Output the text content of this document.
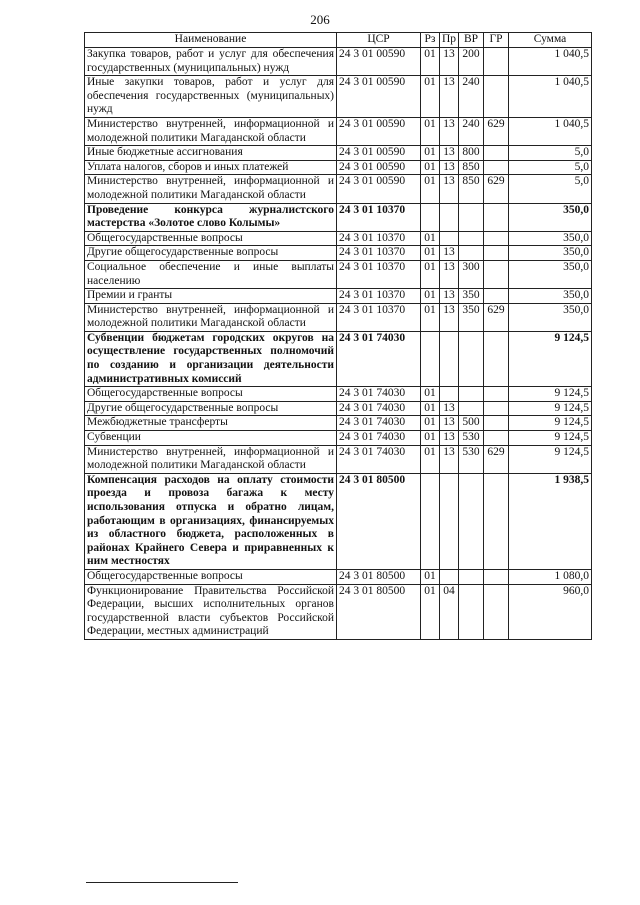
206
Наименование	ЦСР	Рз	Пр	ВР	ГР	Сумма
Закупка товаров, работ и услуг для обеспечения государственных (муниципальных) нужд	24 3 01 00590	01	13	200		1 040,5
Иные закупки товаров, работ и услуг для обеспечения государственных (муниципальных) нужд	24 3 01 00590	01	13	240		1 040,5
Министерство внутренней, информационной и молодежной политики Магаданской области	24 3 01 00590	01	13	240	629	1 040,5
Иные бюджетные ассигнования	24 3 01 00590	01	13	800		5,0
Уплата налогов, сборов и иных платежей	24 3 01 00590	01	13	850		5,0
Министерство внутренней, информационной и молодежной политики Магаданской области	24 3 01 00590	01	13	850	629	5,0
Проведение конкурса журналистского мастерства «Золотое слово Колымы»	24 3 01 10370					350,0
Общегосударственные вопросы	24 3 01 10370	01				350,0
Другие общегосударственные вопросы	24 3 01 10370	01	13			350,0
Социальное обеспечение и иные выплаты населению	24 3 01 10370	01	13	300		350,0
Премии и гранты	24 3 01 10370	01	13	350		350,0
Министерство внутренней, информационной и молодежной политики Магаданской области	24 3 01 10370	01	13	350	629	350,0
Субвенции бюджетам городских округов на осуществление государственных полномочий по созданию и организации деятельности административных комиссий	24 3 01 74030					9 124,5
Общегосударственные вопросы	24 3 01 74030	01				9 124,5
Другие общегосударственные вопросы	24 3 01 74030	01	13			9 124,5
Межбюджетные трансферты	24 3 01 74030	01	13	500		9 124,5
Субвенции	24 3 01 74030	01	13	530		9 124,5
Министерство внутренней, информационной и молодежной политики Магаданской области	24 3 01 74030	01	13	530	629	9 124,5
Компенсация расходов на оплату стоимости проезда и провоза багажа к месту использования отпуска и обратно лицам, работающим в организациях, финансируемых из областного бюджета, расположенных в районах Крайнего Севера и приравненных к ним местностях	24 3 01 80500					1 938,5
Общегосударственные вопросы	24 3 01 80500	01				1 080,0
Функционирование Правительства Российской Федерации, высших исполнительных органов государственной власти субъектов Российской Федерации, местных администраций	24 3 01 80500	01	04			960,0
